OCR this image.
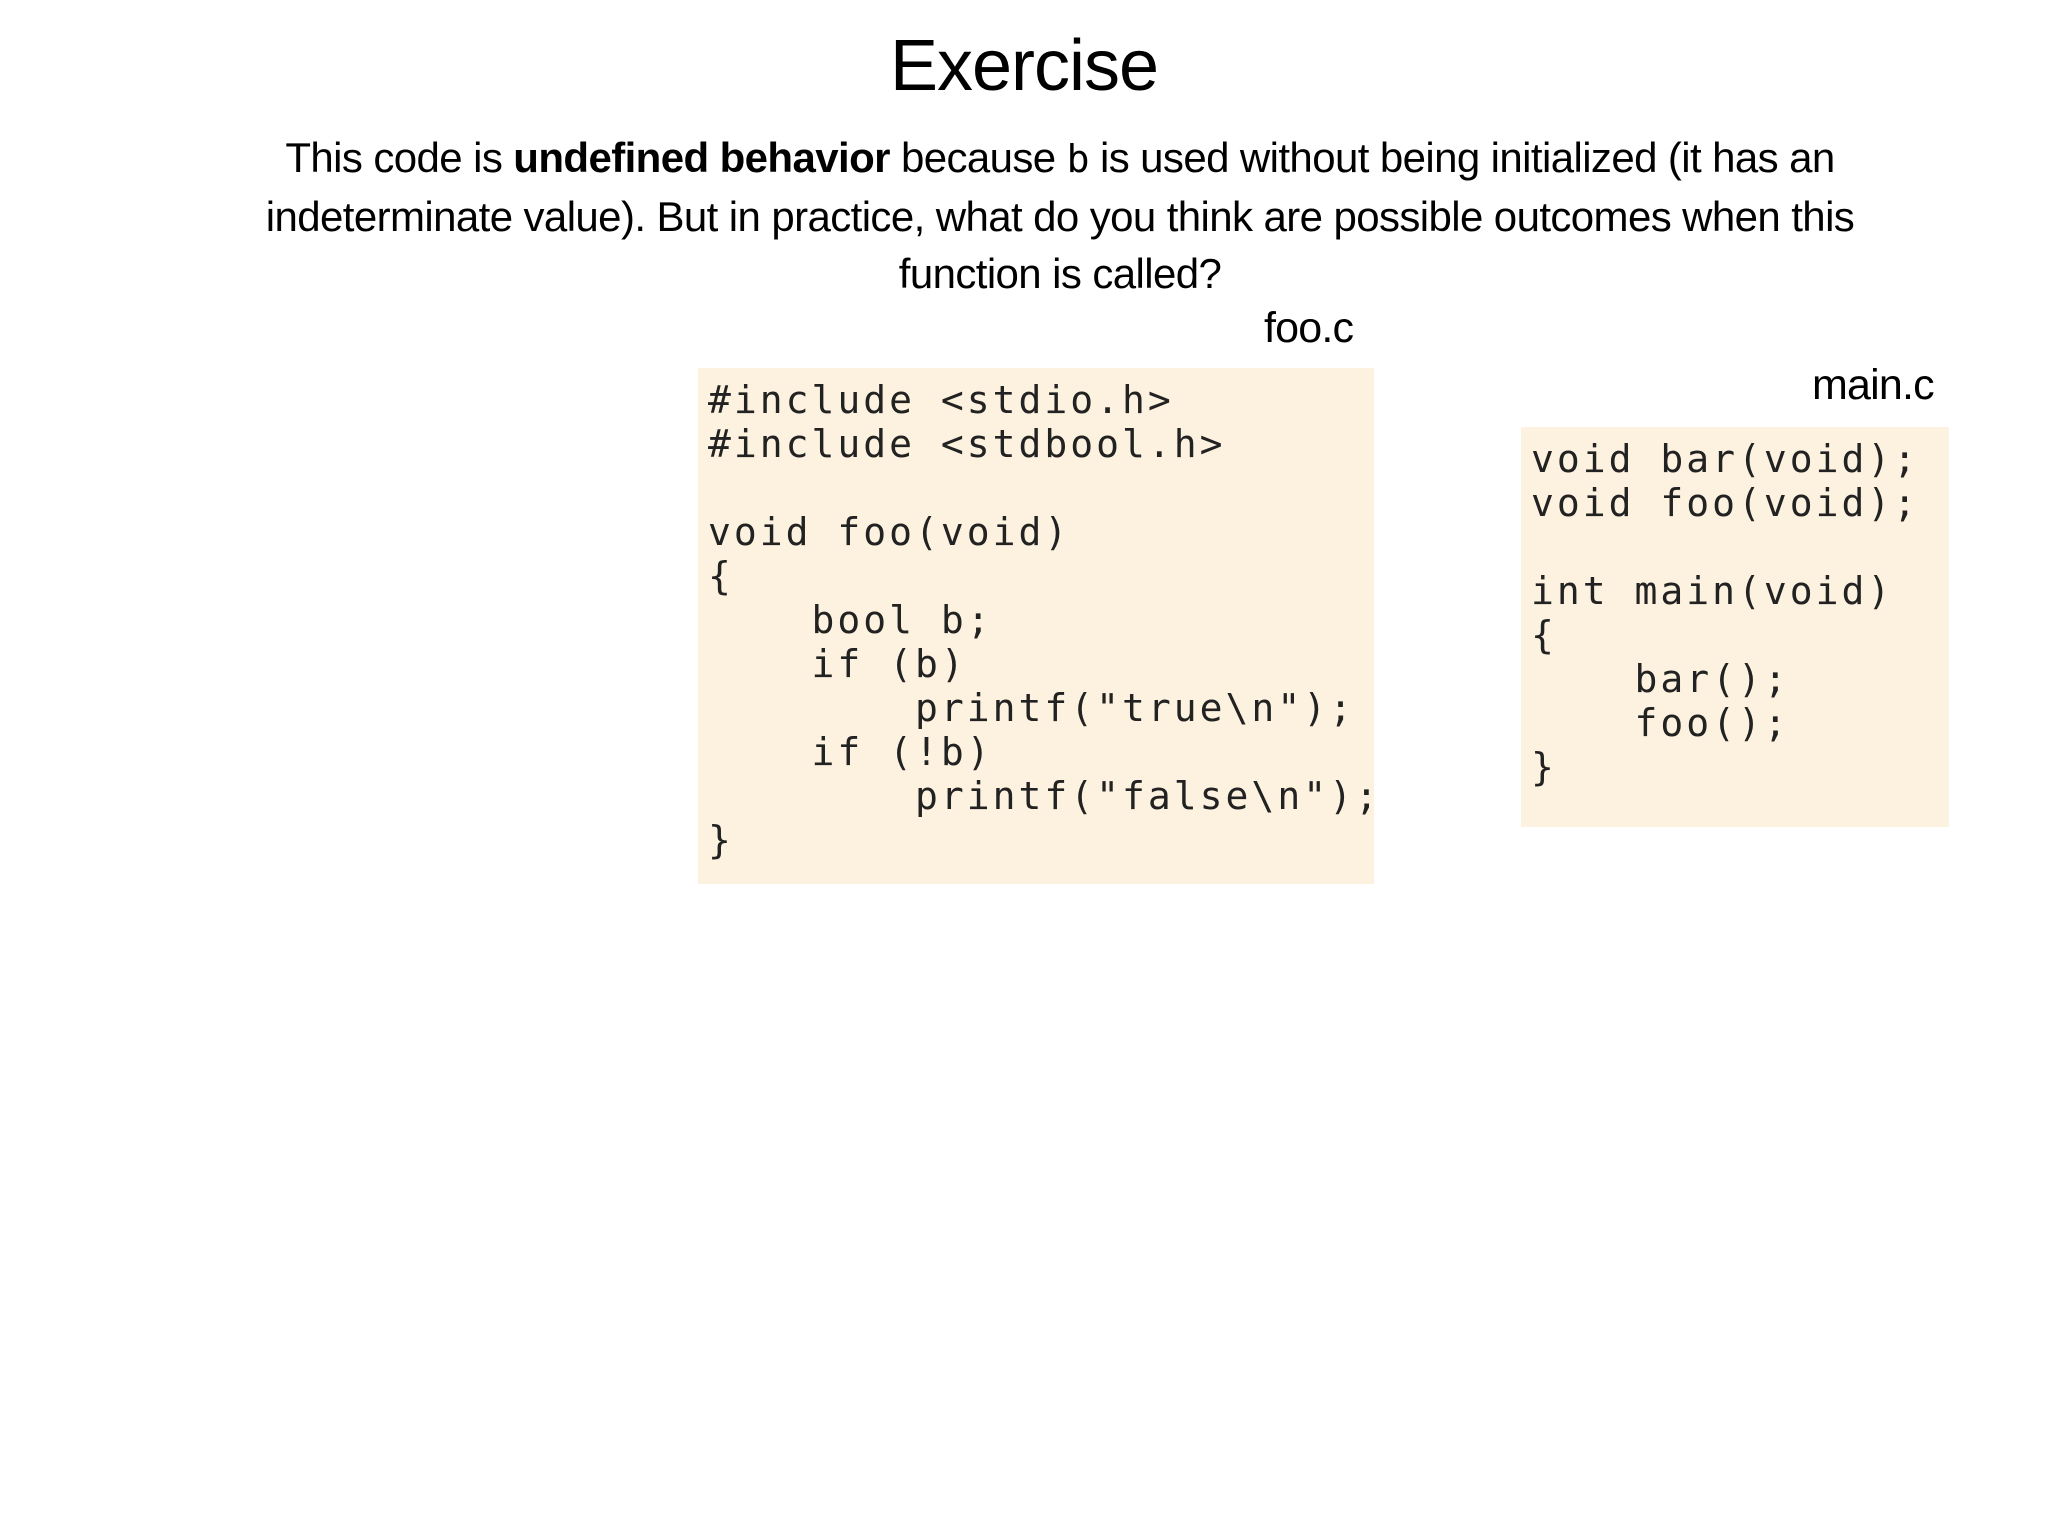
Exercise
This code is undefined behavior because b is used without being initialized (it has an indeterminate value). But in practice, what do you think are possible outcomes when this function is called?
foo.c
#include <stdio.h>
#include <stdbool.h>

void foo(void)
{
bool b;
if (b)
printf("true\n");
if (!b)
printf("false\n");
}
main.c
void bar(void);
void foo(void);

int main(void)
{
bar();
foo();
}
